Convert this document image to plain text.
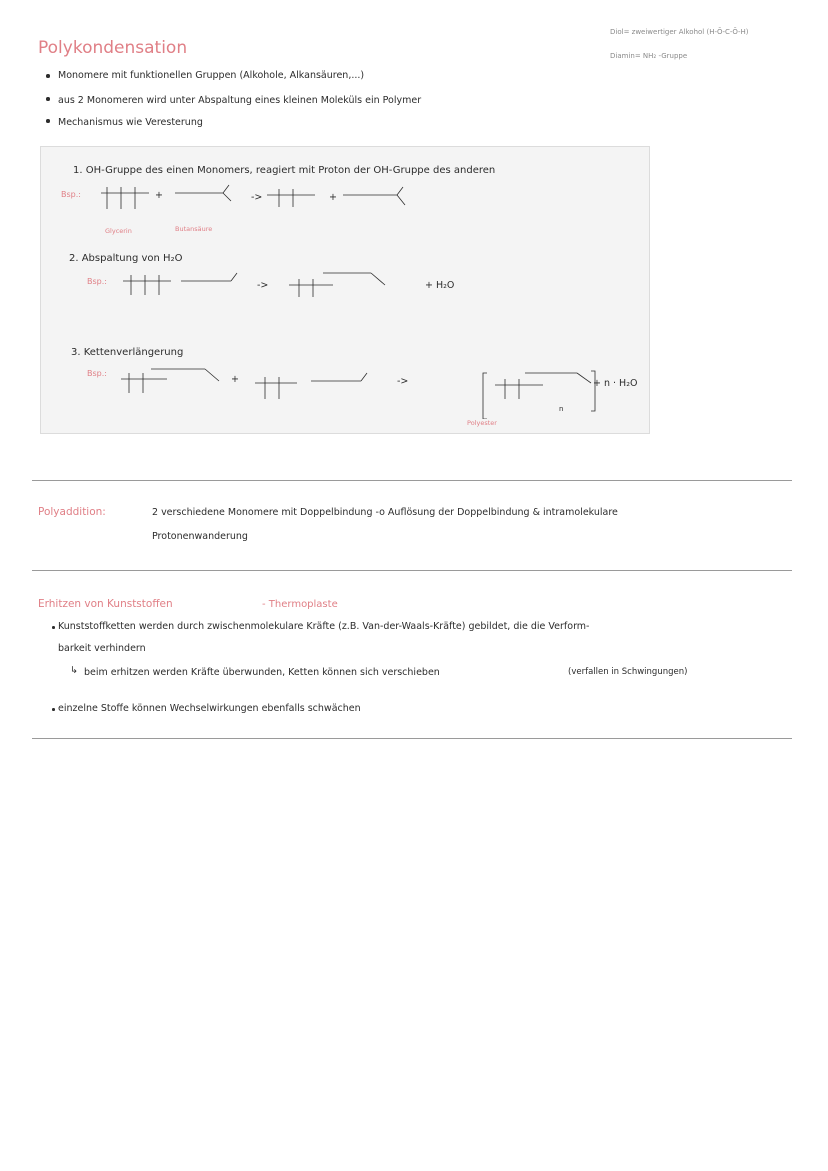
Diol= zweiwertiger Alkohol (H-Ō-C-Ō-H)
Diamin= NH₂ -Gruppe
Polykondensation
Monomere mit funktionellen Gruppen (Alkohole, Alkansäuren,...)
aus 2 Monomeren wird unter Abspaltung eines kleinen Moleküls ein Polymer
Mechanismus wie Veresterung
1. OH-Gruppe des einen Monomers, reagiert mit Proton der OH-Gruppe des anderen
Bsp.:	+	->	+
Glycerin	Butansäure
2. Abspaltung von H₂O
Bsp.:	->	+ H₂O
3. Kettenverlängerung
Bsp.:
+	->	+ n · H₂O
n
Polyester
Polyaddition:	2 verschiedene Monomere mit Doppelbindung -o Auflösung der Doppelbindung & intramolekulare
Protonenwanderung
Erhitzen von Kunststoffen	- Thermoplaste
Kunststoffketten werden durch zwischenmolekulare Kräfte (z.B. Van-der-Waals-Kräfte) gebildet, die die Verform-
barkeit verhindern
↳ beim erhitzen werden Kräfte überwunden, Ketten können sich verschieben	(verfallen in Schwingungen)
einzelne Stoffe können Wechselwirkungen ebenfalls schwächen
